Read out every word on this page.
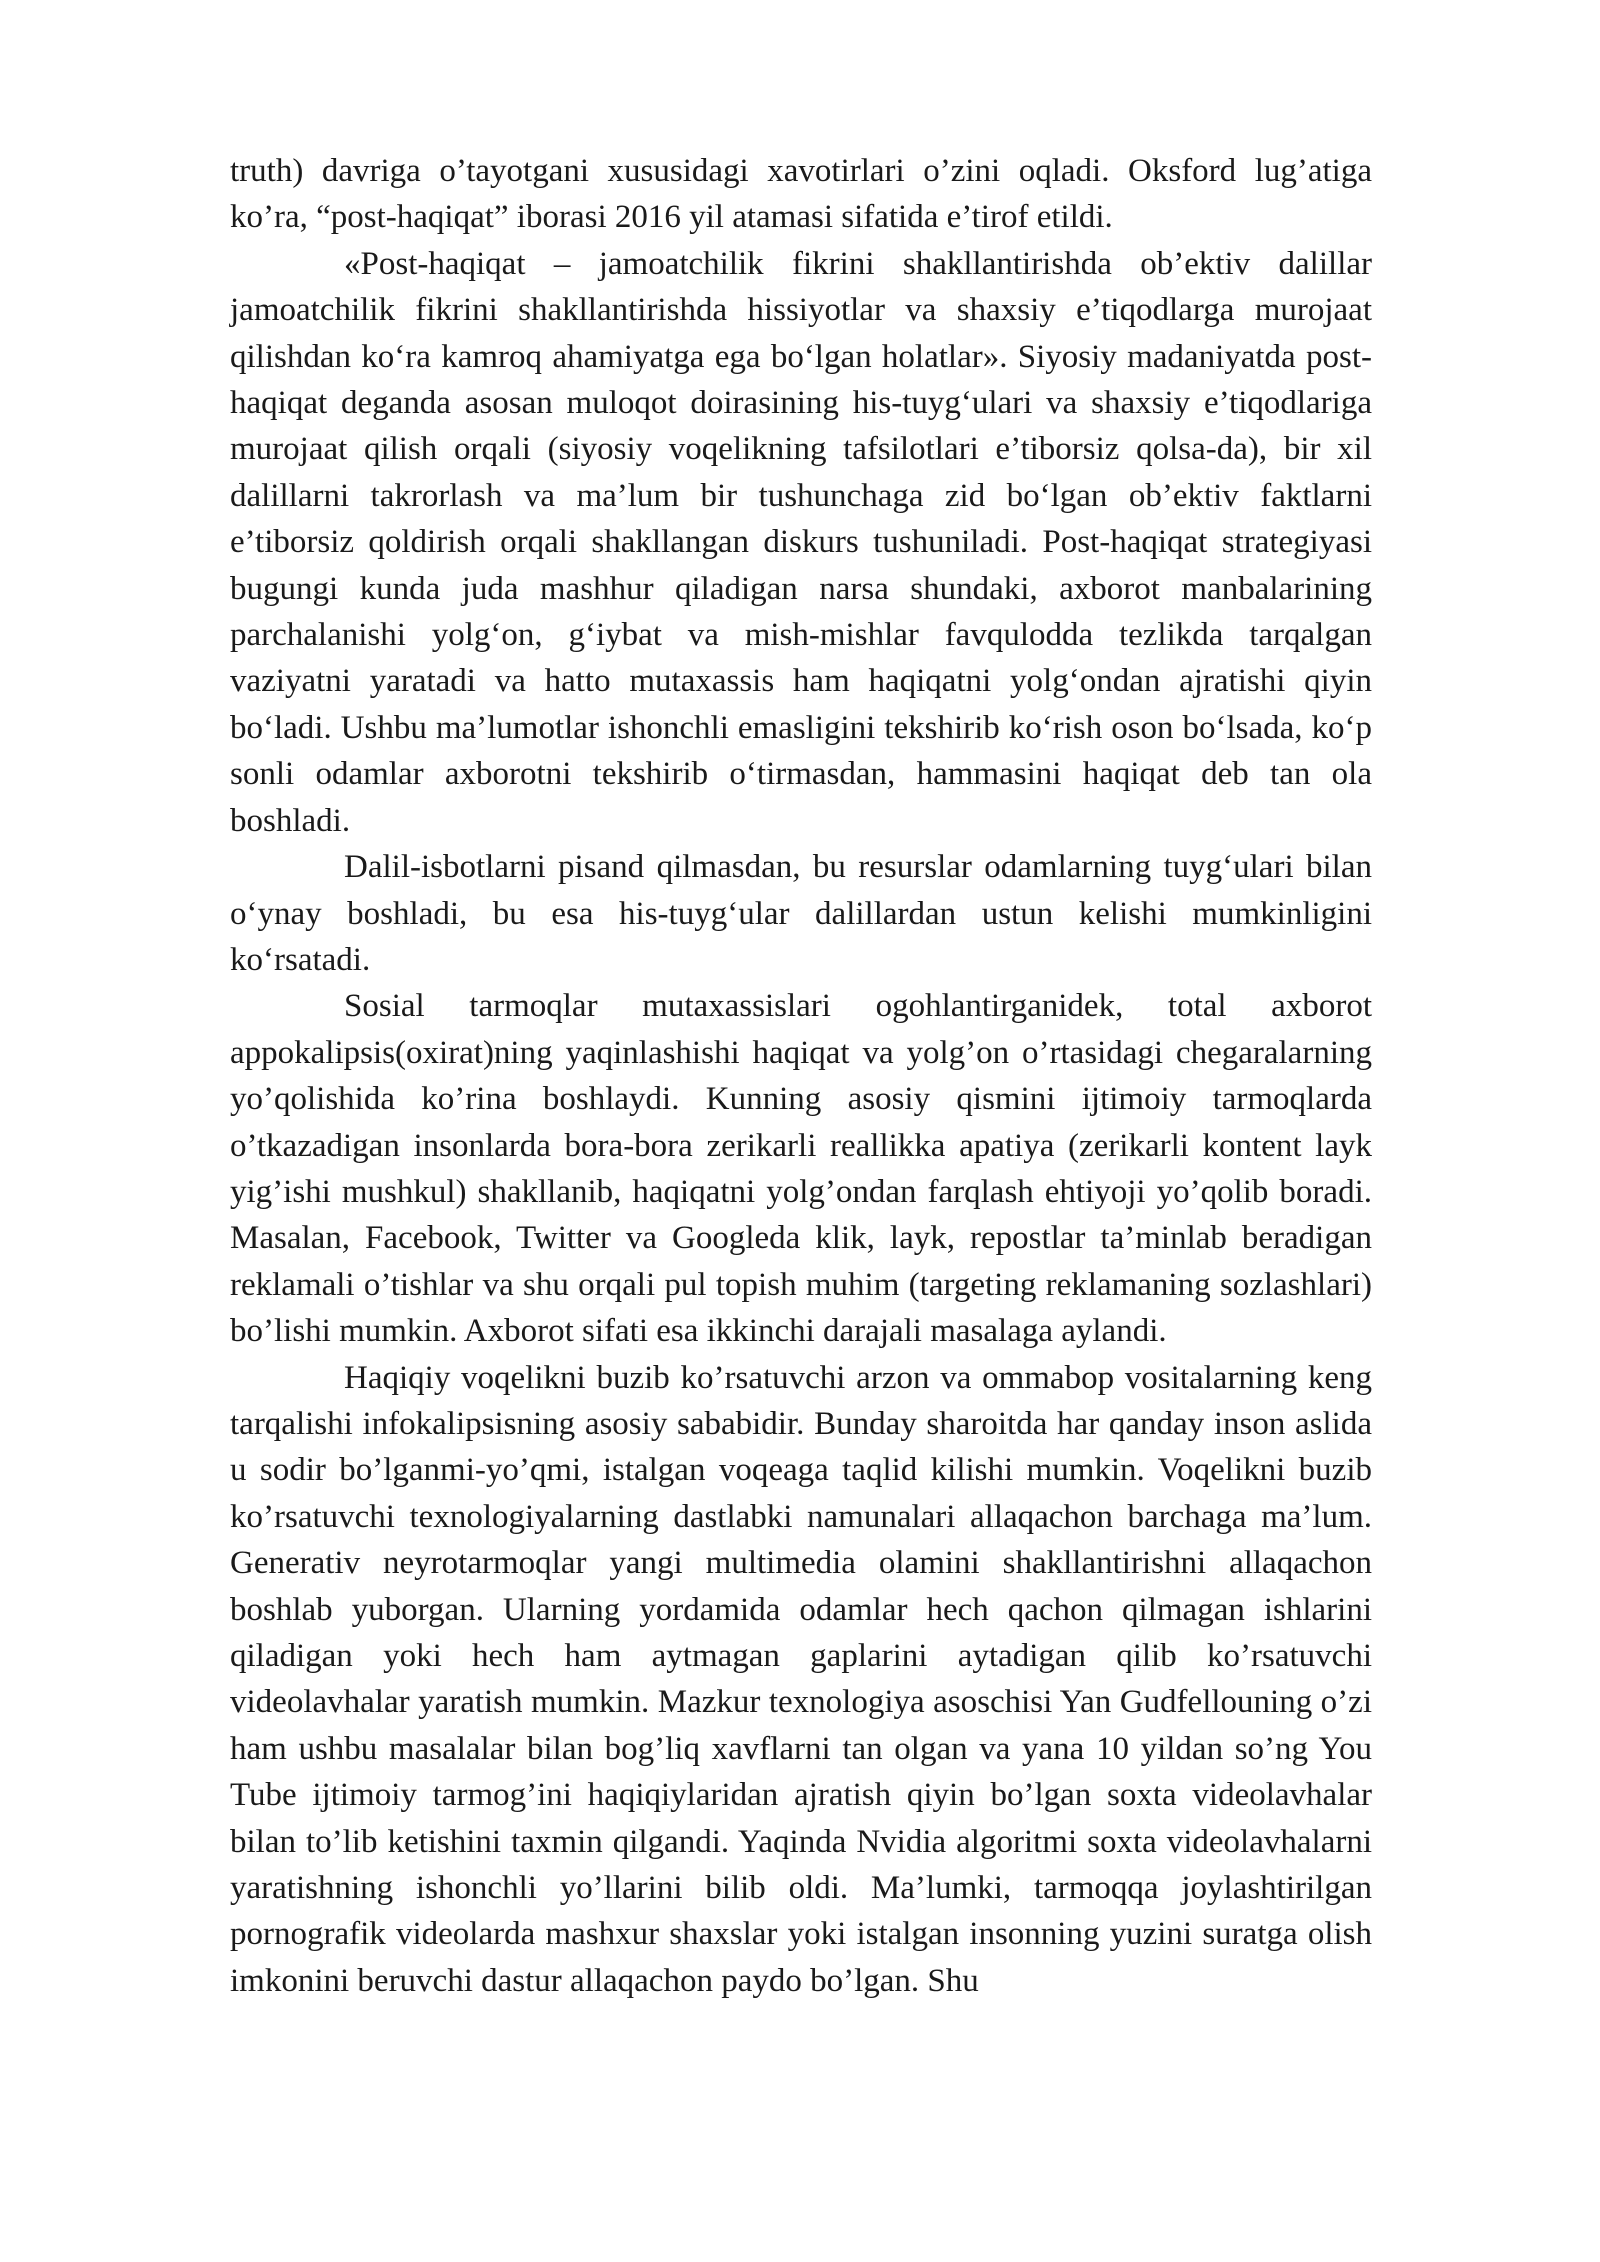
truth) davriga o’tayotgani xususidagi xavotirlari o’zini oqladi. Oksford lug’atiga ko’ra, “post-haqiqat” iborasi 2016 yil atamasi sifatida e’tirof etildi.

«Post-haqiqat – jamoatchilik fikrini shakllantirishda ob’ektiv dalillar jamoatchilik fikrini shakllantirishda hissiyotlar va shaxsiy e’tiqodlarga murojaat qilishdan ko‘ra kamroq ahamiyatga ega bo‘lgan holatlar». Siyosiy madaniyatda post-haqiqat deganda asosan muloqot doirasining his-tuyg‘ulari va shaxsiy e’tiqodlariga murojaat qilish orqali (siyosiy voqelikning tafsilotlari e’tiborsiz qolsa-da), bir xil dalillarni takrorlash va ma’lum bir tushunchaga zid bo‘lgan ob’ektiv faktlarni e’tiborsiz qoldirish orqali shakllangan diskurs tushuniladi. Post-haqiqat strategiyasi bugungi kunda juda mashhur qiladigan narsa shundaki, axborot manbalarining parchalanishi yolg‘on, g‘iybat va mish-mishlar favqulodda tezlikda tarqalgan vaziyatni yaratadi va hatto mutaxassis ham haqiqatni yolg‘ondan ajratishi qiyin bo‘ladi. Ushbu ma’lumotlar ishonchli emasligini tekshirib ko‘rish oson bo‘lsada, ko‘p sonli odamlar axborotni tekshirib o‘tirmasdan, hammasini haqiqat deb tan ola boshladi.

Dalil-isbotlarni pisand qilmasdan, bu resurslar odamlarning tuyg‘ulari bilan o‘ynay boshladi, bu esa his-tuyg‘ular dalillardan ustun kelishi mumkinligini ko‘rsatadi.

Sosial tarmoqlar mutaxassislari ogohlantirganidek, total axborot appokalipsis(oxirat)ning yaqinlashishi haqiqat va yolg’on o’rtasidagi chegaralarning yo’qolishida ko’rina boshlaydi. Kunning asosiy qismini ijtimoiy tarmoqlarda o’tkazadigan insonlarda bora-bora zerikarli reallikka apatiya (zerikarli kontent layk yig’ishi mushkul) shakllanib, haqiqatni yolg’ondan farqlash ehtiyoji yo’qolib boradi. Masalan, Facebook, Twitter va Googleda klik, layk, repostlar ta’minlab beradigan reklamali o’tishlar va shu orqali pul topish muhim (targeting reklamaning sozlashlari) bo’lishi mumkin. Axborot sifati esa ikkinchi darajali masalaga aylandi.

Haqiqiy voqelikni buzib ko’rsatuvchi arzon va ommabop vositalarning keng tarqalishi infokalipsisning asosiy sababidir. Bunday sharoitda har qanday inson aslida u sodir bo’lganmi-yo’qmi, istalgan voqeaga taqlid kilishi mumkin. Voqelikni buzib ko’rsatuvchi texnologiyalarning dastlabki namunalari allaqachon barchaga ma’lum. Generativ neyrotarmoqlar yangi multimedia olamini shakllantirishni allaqachon boshlab yuborgan. Ularning yordamida odamlar hech qachon qilmagan ishlarini qiladigan yoki hech ham aytmagan gaplarini aytadigan qilib ko’rsatuvchi videolavhalar yaratish mumkin. Mazkur texnologiya asoschisi Yan Gudfellouning o’zi ham ushbu masalalar bilan bog’liq xavflarni tan olgan va yana 10 yildan so’ng You Tube ijtimoiy tarmog’ini haqiqiylaridan ajratish qiyin bo’lgan soxta videolavhalar bilan to’lib ketishini taxmin qilgandi. Yaqinda Nvidia algoritmi soxta videolavhalarni yaratishning ishonchli yo’llarini bilib oldi. Ma’lumki, tarmoqqa joylashtirilgan pornografik videolarda mashxur shaxslar yoki istalgan insonning yuzini suratga olish imkonini beruvchi dastur allaqachon paydo bo’lgan. Shu
